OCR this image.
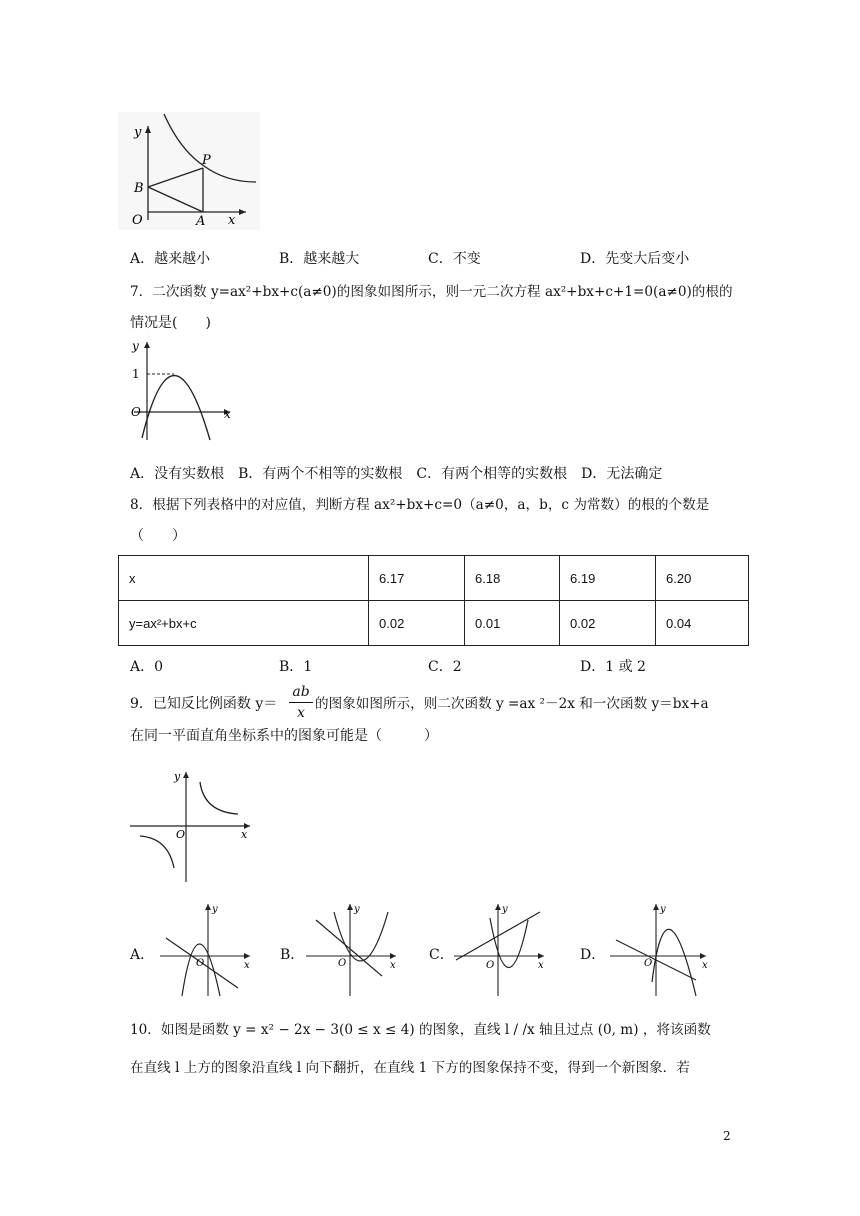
y
P
B
O	A x
A．越来越小	B．越来越大	C．不变	D．先变大后变小
7．二次函数 y=ax²+bx+c(a≠0)的图象如图所示，则一元二次方程 ax²+bx+c+1=0(a≠0)的根的
情况是(　　)
y
1
O	x
A．没有实数根　B．有两个不相等的实数根　C．有两个相等的实数根　D．无法确定
8．根据下列表格中的对应值，判断方程 ax²+bx+c=0（a≠0，a，b，c 为常数）的根的个数是
（　　）
x	6.17	6.18	6.19	6.20
y=ax²+bx+c	0.02	0.01	0.02	0.04
A．0	B．1	C．2	D．1 或 2
9．已知反比例函数 y＝
ab
x
的图象如图所示，则二次函数 y =ax ²－2x 和一次函数 y＝bx+a
在同一平面直角坐标系中的图象可能是（　　　）
y
O	x
A．
y
O	x
B．
y
O	x
C．
y
O	x
D．
y
O	x
10．如图是函数 y = x² − 2x − 3(0 ≤ x ≤ 4) 的图象，直线 l / /x 轴且过点 (0, m) ，将该函数
在直线 l 上方的图象沿直线 l 向下翻折，在直线 1 下方的图象保持不变，得到一个新图象．若
2
